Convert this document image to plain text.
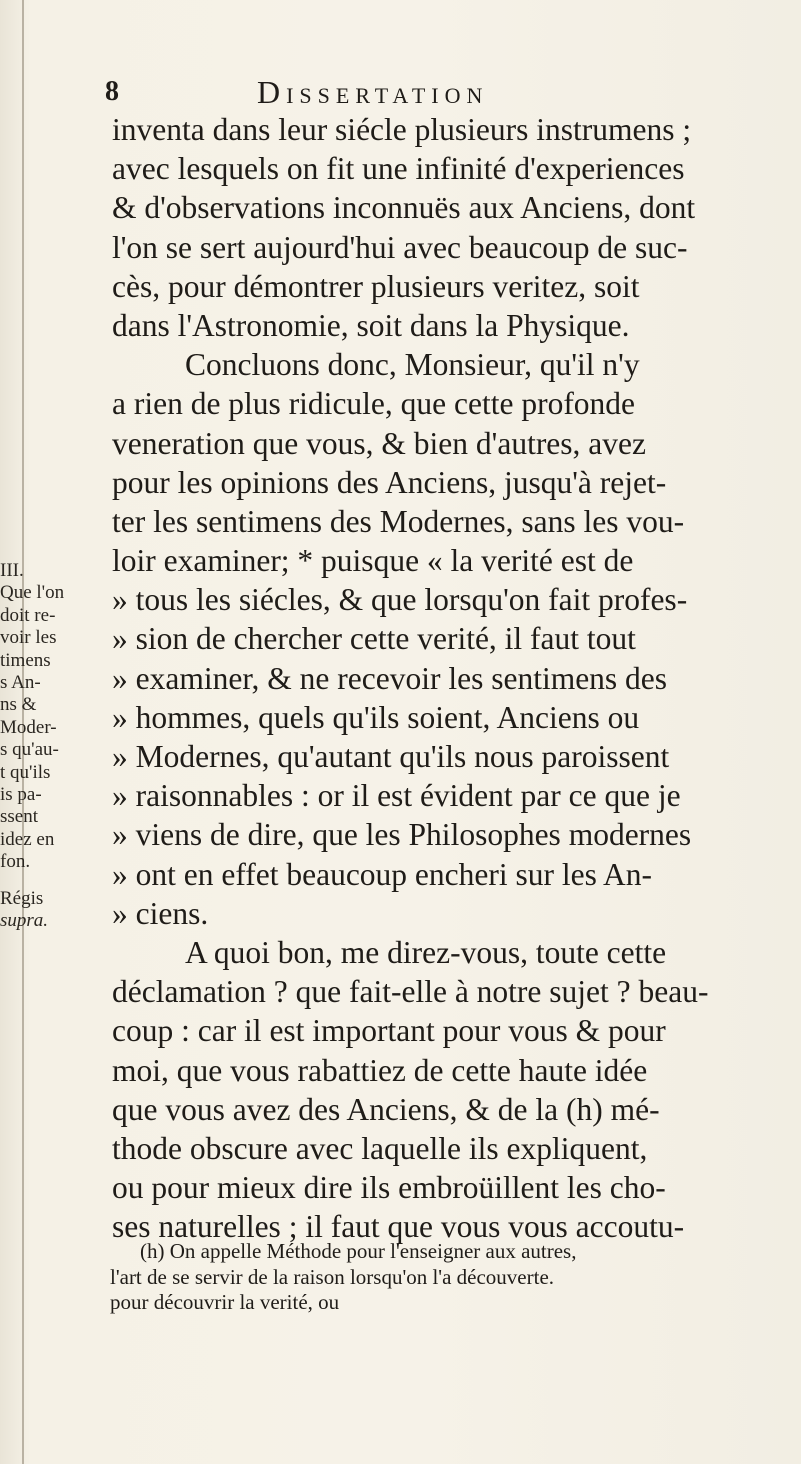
III.
Que l'on
doit re-
voir les
timens
s An-
ns &
Moder-
s qu'au-
t qu'ils
is pa-
ssent
idez en
fon.
Régis
supra.
8	Dissertation
inventa dans leur siécle plusieurs instrumens ;
avec lesquels on fit une infinité d'experiences
& d'observations inconnuës aux Anciens, dont
l'on se sert aujourd'hui avec beaucoup de suc-
cès, pour démontrer plusieurs veritez, soit
dans l'Astronomie, soit dans la Physique.
Concluons donc, Monsieur, qu'il n'y
a rien de plus ridicule, que cette profonde
veneration que vous, & bien d'autres, avez
pour les opinions des Anciens, jusqu'à rejet-
ter les sentimens des Modernes, sans les vou-
loir examiner; * puisque « la verité est de
» tous les siécles, & que lorsqu'on fait profes-
» sion de chercher cette verité, il faut tout
» examiner, & ne recevoir les sentimens des
» hommes, quels qu'ils soient, Anciens ou
» Modernes, qu'autant qu'ils nous paroissent
» raisonnables : or il est évident par ce que je
» viens de dire, que les Philosophes modernes
» ont en effet beaucoup encheri sur les An-
» ciens.
A quoi bon, me direz-vous, toute cette
déclamation ? que fait-elle à notre sujet ? beau-
coup : car il est important pour vous & pour
moi, que vous rabattiez de cette haute idée
que vous avez des Anciens, & de la (h) mé-
thode obscure avec laquelle ils expliquent,
ou pour mieux dire ils embroüillent les cho-
ses naturelles ; il faut que vous vous accoutu-
(h) On appelle Méthode pour l'enseigner aux autres,
l'art de se servir de la raison lorsqu'on l'a découverte.
pour découvrir la verité, ou
